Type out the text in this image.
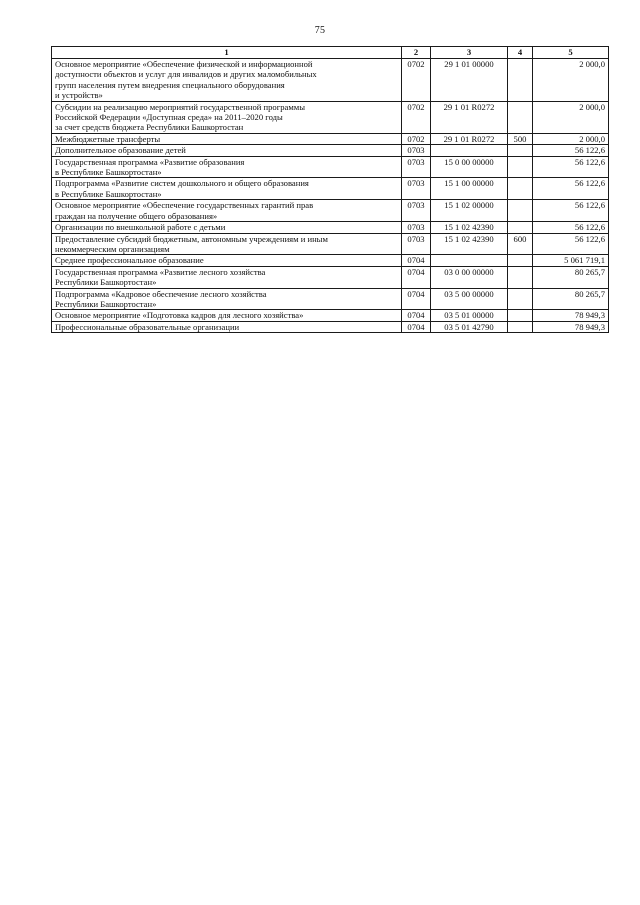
75
1	2	3	4	5
Основное мероприятие «Обеспечение физической и информационной
доступности объектов и услуг для инвалидов и других маломобильных
групп населения путем внедрения специального оборудования
и устройств»	0702	29 1 01 00000		2 000,0
Субсидии на реализацию мероприятий государственной программы
Российской Федерации «Доступная среда» на 2011–2020 годы
за счет средств бюджета Республики Башкортостан	0702	29 1 01 R0272		2 000,0
Межбюджетные трансферты	0702	29 1 01 R0272	500	2 000,0
Дополнительное образование детей	0703			56 122,6
Государственная программа «Развитие образования
в Республике Башкортостан»	0703	15 0 00 00000		56 122,6
Подпрограмма «Развитие систем дошкольного и общего образования
в Республике Башкортостан»	0703	15 1 00 00000		56 122,6
Основное мероприятие «Обеспечение государственных гарантий прав
граждан на получение общего образования»	0703	15 1 02 00000		56 122,6
Организации по внешкольной работе с детьми	0703	15 1 02 42390		56 122,6
Предоставление субсидий бюджетным, автономным учреждениям и иным
некоммерческим организациям	0703	15 1 02 42390	600	56 122,6
Среднее профессиональное образование	0704			5 061 719,1
Государственная программа «Развитие лесного хозяйства
Республики Башкортостан»	0704	03 0 00 00000		80 265,7
Подпрограмма «Кадровое обеспечение лесного хозяйства
Республики Башкортостан»	0704	03 5 00 00000		80 265,7
Основное мероприятие «Подготовка кадров для лесного хозяйства»	0704	03 5 01 00000		78 949,3
Профессиональные образовательные организации	0704	03 5 01 42790		78 949,3
